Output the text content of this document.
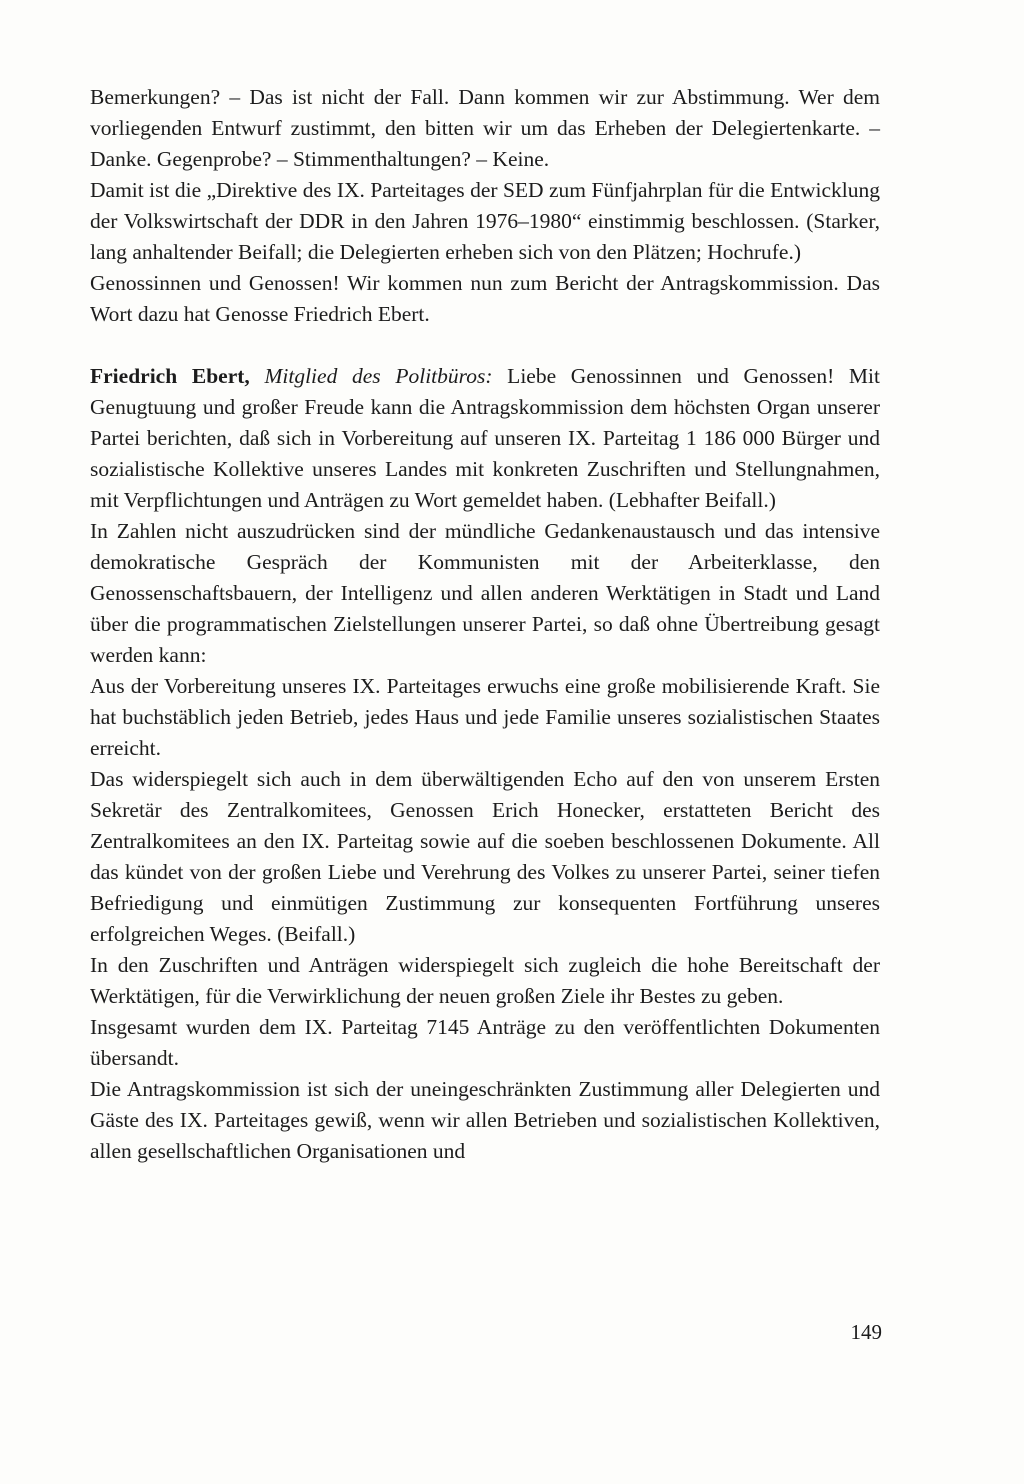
Bemerkungen? – Das ist nicht der Fall. Dann kommen wir zur Abstimmung. Wer dem vorliegenden Entwurf zustimmt, den bitten wir um das Erheben der Delegiertenkarte. – Danke. Gegenprobe? – Stimmenthaltungen? – Keine.

Damit ist die „Direktive des IX. Parteitages der SED zum Fünfjahrplan für die Entwicklung der Volkswirtschaft der DDR in den Jahren 1976–1980“ einstimmig beschlossen. (Starker, lang anhaltender Beifall; die Delegierten erheben sich von den Plätzen; Hochrufe.)

Genossinnen und Genossen! Wir kommen nun zum Bericht der Antragskommission. Das Wort dazu hat Genosse Friedrich Ebert.

Friedrich Ebert, Mitglied des Politbüros: Liebe Genossinnen und Genossen! Mit Genugtuung und großer Freude kann die Antragskommission dem höchsten Organ unserer Partei berichten, daß sich in Vorbereitung auf unseren IX. Parteitag 1 186 000 Bürger und sozialistische Kollektive unseres Landes mit konkreten Zuschriften und Stellungnahmen, mit Verpflichtungen und Anträgen zu Wort gemeldet haben. (Lebhafter Beifall.)

In Zahlen nicht auszudrücken sind der mündliche Gedankenaustausch und das intensive demokratische Gespräch der Kommunisten mit der Arbeiterklasse, den Genossenschaftsbauern, der Intelligenz und allen anderen Werktätigen in Stadt und Land über die programmatischen Zielstellungen unserer Partei, so daß ohne Übertreibung gesagt werden kann:

Aus der Vorbereitung unseres IX. Parteitages erwuchs eine große mobilisierende Kraft. Sie hat buchstäblich jeden Betrieb, jedes Haus und jede Familie unseres sozialistischen Staates erreicht.

Das widerspiegelt sich auch in dem überwältigenden Echo auf den von unserem Ersten Sekretär des Zentralkomitees, Genossen Erich Honecker, erstatteten Bericht des Zentralkomitees an den IX. Parteitag sowie auf die soeben beschlossenen Dokumente. All das kündet von der großen Liebe und Verehrung des Volkes zu unserer Partei, seiner tiefen Befriedigung und einmütigen Zustimmung zur konsequenten Fortführung unseres erfolgreichen Weges. (Beifall.)

In den Zuschriften und Anträgen widerspiegelt sich zugleich die hohe Bereitschaft der Werktätigen, für die Verwirklichung der neuen großen Ziele ihr Bestes zu geben.

Insgesamt wurden dem IX. Parteitag 7145 Anträge zu den veröffentlichten Dokumenten übersandt.

Die Antragskommission ist sich der uneingeschränkten Zustimmung aller Delegierten und Gäste des IX. Parteitages gewiß, wenn wir allen Betrieben und sozialistischen Kollektiven, allen gesellschaftlichen Organisationen und

149
